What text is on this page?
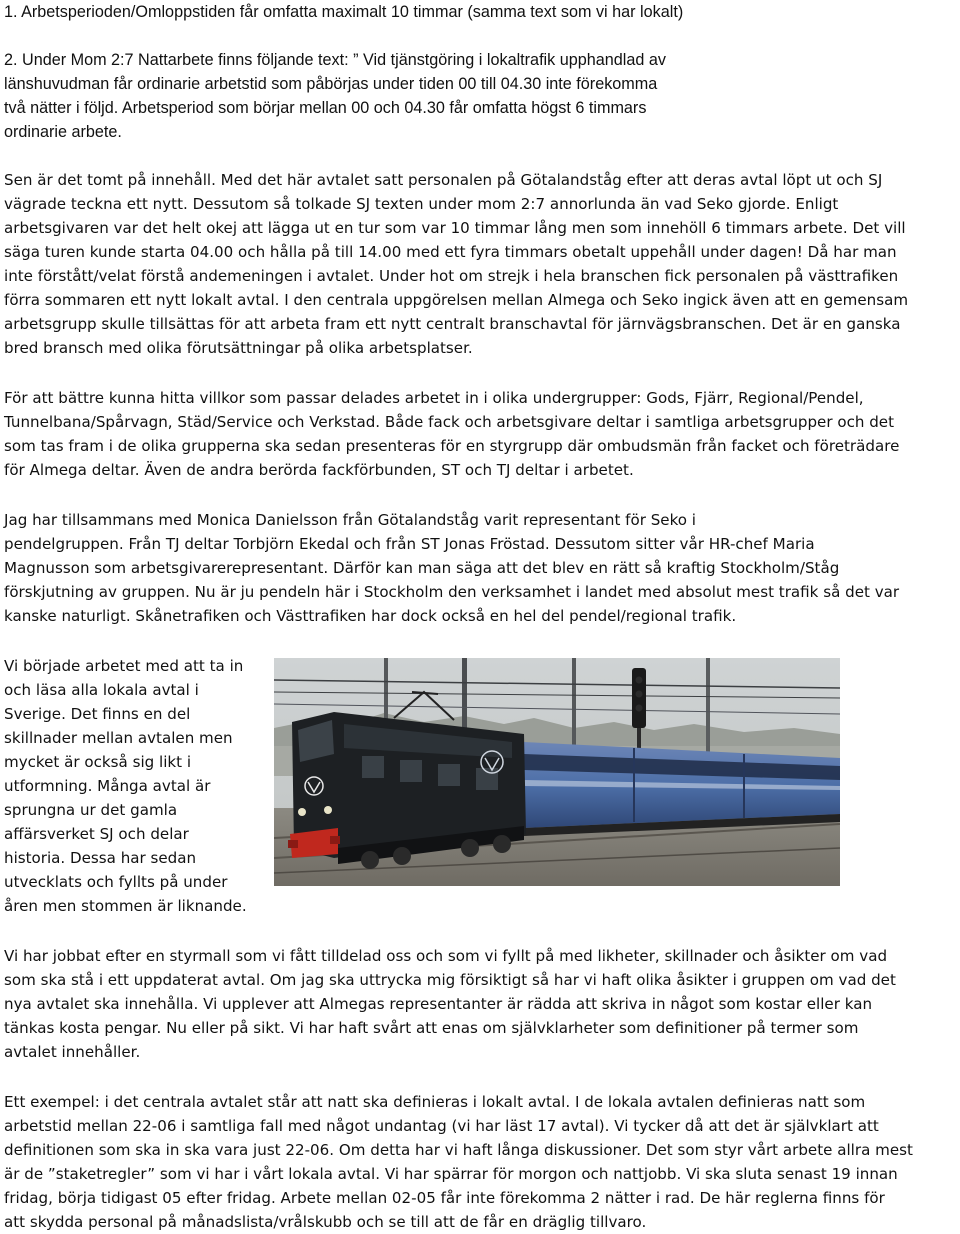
1. Arbetsperioden/Omloppstiden får omfatta maximalt 10 timmar (samma text som vi har lokalt)
2. Under Mom 2:7 Nattarbete finns följande text: ” Vid tjänstgöring i lokaltrafik upphandlad av
länshuvudman får ordinarie arbetstid som påbörjas under tiden 00 till 04.30 inte förekomma
två nätter i följd. Arbetsperiod som börjar mellan 00 och 04.30 får omfatta högst 6 timmars
ordinarie arbete.
Sen är det tomt på innehåll. Med det här avtalet satt personalen på Götalandståg efter att deras avtal löpt ut och SJ
vägrade teckna ett nytt. Dessutom så tolkade SJ texten under mom 2:7 annorlunda än vad Seko gjorde. Enligt
arbetsgivaren var det helt okej att lägga ut en tur som var 10 timmar lång men som innehöll 6 timmars arbete. Det vill
säga turen kunde starta 04.00 och hålla på till 14.00 med ett fyra timmars obetalt uppehåll under dagen! Då har man
inte förstått/velat förstå andemeningen i avtalet. Under hot om strejk i hela branschen fick personalen på västtrafiken
förra sommaren ett nytt lokalt avtal. I den centrala uppgörelsen mellan Almega och Seko ingick även att en gemensam
arbetsgrupp skulle tillsättas för att arbeta fram ett nytt centralt branschavtal för järnvägsbranschen. Det är en ganska
bred bransch med olika förutsättningar på olika arbetsplatser.
För att bättre kunna hitta villkor som passar delades arbetet in i olika undergrupper: Gods, Fjärr, Regional/Pendel,
Tunnelbana/Spårvagn, Städ/Service och Verkstad. Både fack och arbetsgivare deltar i samtliga arbetsgrupper och det
som tas fram i de olika grupperna ska sedan presenteras för en styrgrupp där ombudsmän från facket och företrädare
för Almega deltar. Även de andra berörda fackförbunden, ST och TJ deltar i arbetet.
Jag har tillsammans med Monica Danielsson från Götalandståg varit representant för Seko i
pendelgruppen. Från TJ deltar Torbjörn Ekedal och från ST Jonas Fröstad. Dessutom sitter vår HR-chef Maria
Magnusson som arbetsgivarerepresentant. Därför kan man säga att det blev en rätt så kraftig Stockholm/Ståg
förskjutning av gruppen. Nu är ju pendeln här i Stockholm den verksamhet i landet med absolut mest trafik så det var
kanske naturligt. Skånetrafiken och Västtrafiken har dock också en hel del pendel/regional trafik.
Vi började arbetet med att ta in
och läsa alla lokala avtal i
Sverige. Det finns en del
skillnader mellan avtalen men
mycket är också sig likt i
utformning. Många avtal är
sprungna ur det gamla
affärsverket SJ och delar
historia. Dessa har sedan
utvecklats och fyllts på under
åren men stommen är liknande.
Vi har jobbat efter en styrmall som vi fått tilldelad oss och som vi fyllt på med likheter, skillnader och åsikter om vad
som ska stå i ett uppdaterat avtal. Om jag ska uttrycka mig försiktigt så har vi haft olika åsikter i gruppen om vad det
nya avtalet ska innehålla. Vi upplever att Almegas representanter är rädda att skriva in något som kostar eller kan
tänkas kosta pengar. Nu eller på sikt. Vi har haft svårt att enas om självklarheter som definitioner på termer som
avtalet innehåller.
Ett exempel: i det centrala avtalet står att natt ska definieras i lokalt avtal. I de lokala avtalen definieras natt som
arbetstid mellan 22-06 i samtliga fall med något undantag (vi har läst 17 avtal). Vi tycker då att det är självklart att
definitionen som ska in ska vara just 22-06. Om detta har vi haft långa diskussioner. Det som styr vårt arbete allra mest
är de ”staketregler” som vi har i vårt lokala avtal. Vi har spärrar för morgon och nattjobb. Vi ska sluta senast 19 innan
fridag, börja tidigast 05 efter fridag. Arbete mellan 02-05 får inte förekomma 2 nätter i rad. De här reglerna finns för
att skydda personal på månadslista/vrålskubb och se till att de får en dräglig tillvaro.
